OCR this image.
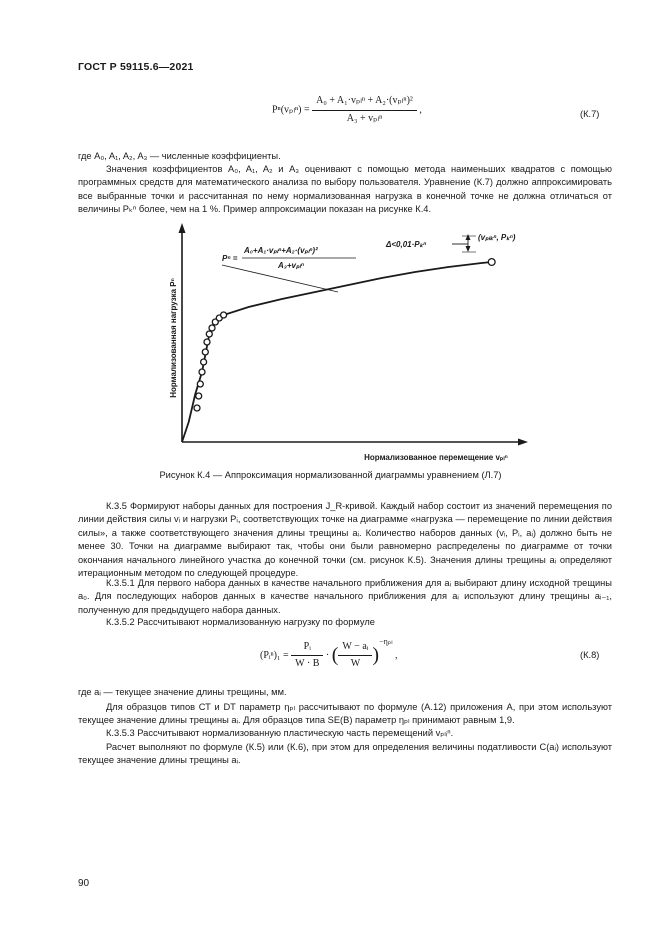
ГОСТ Р 59115.6—2021
$P^n(v_{pl}^n) = \frac{\text{A₀ + A₁·vₚₗⁿ + A₂·(vₚₗⁿ)²}}{\text{A₃ + vₚₗⁿ}}$ ,	(К.7)
где A₀, A₁, A₂, A₃ — численные коэффициенты.
Значения коэффициентов A₀, A₁, A₂ и A₃ оценивают с помощью метода наименьших квадратов с помощью программных средств для математического анализа по выбору пользователя. Уравнение (К.7) должно аппроксимировать все выбранные точки и рассчитанная по нему нормализованная нагрузка в конечной точке не должна отличаться от величины Pₖⁿ более, чем на 1 %. Пример аппроксимации показан на рисунке К.4.
Нормализованная нагрузка Pⁿ
Нормализованное перемещение vₚₗⁿ
Pⁿ =
A₀+A₁·vₚₗⁿ+A₂·(vₚₗⁿ)²
A₃+vₚₗⁿ
Δ<0,01·Pₖⁿ
(vₚₗₖⁿ, Pₖⁿ)
Рисунок К.4 — Аппроксимация нормализованной диаграммы уравнением (Л.7)
К.3.5 Формируют наборы данных для построения J_R-кривой. Каждый набор состоит из значений перемещения по линии действия силы vᵢ и нагрузки Pᵢ, соответствующих точке на диаграмме «нагрузка — перемещение по линии действия силы», а также соответствующего значения длины трещины aᵢ. Количество наборов данных (vᵢ, Pᵢ, aᵢ) должно быть не менее 30. Точки на диаграмме выбирают так, чтобы они были равномерно распределены по диаграмме от точки окончания начального линейного участка до конечной точки (см. рисунок К.5). Значения длины трещины aᵢ определяют итерационным методом по следующей процедуре.
К.3.5.1 Для первого набора данных в качестве начального приближения для aᵢ выбирают длину исходной трещины a₀. Для последующих наборов данных в качестве начального приближения для aᵢ используют длину трещины aᵢ₋₁, полученную для предыдущего набора данных.
К.3.5.2 Рассчитывают нормализованную нагрузку по формуле
(Pᵢⁿ)₁ = $\frac{\text{Pᵢ}}{W \cdot B}$ · ( $\frac{\text{W − aᵢ}}{W} )^{-\eta_{pl}}$ ,	(К.8)
где aᵢ — текущее значение длины трещины, мм.
Для образцов типов СТ и DT параметр ηₚₗ рассчитывают по формуле (А.12) приложения А, при этом используют текущее значение длины трещины aᵢ. Для образцов типа SE(B) параметр ηₚₗ принимают равным 1,9.
К.3.5.3 Рассчитывают нормализованную пластическую часть перемещений vₚₗᵢⁿ.
Расчет выполняют по формуле (К.5) или (К.6), при этом для определения величины податливости C(aᵢ) используют текущее значение длины трещины aᵢ.
90
